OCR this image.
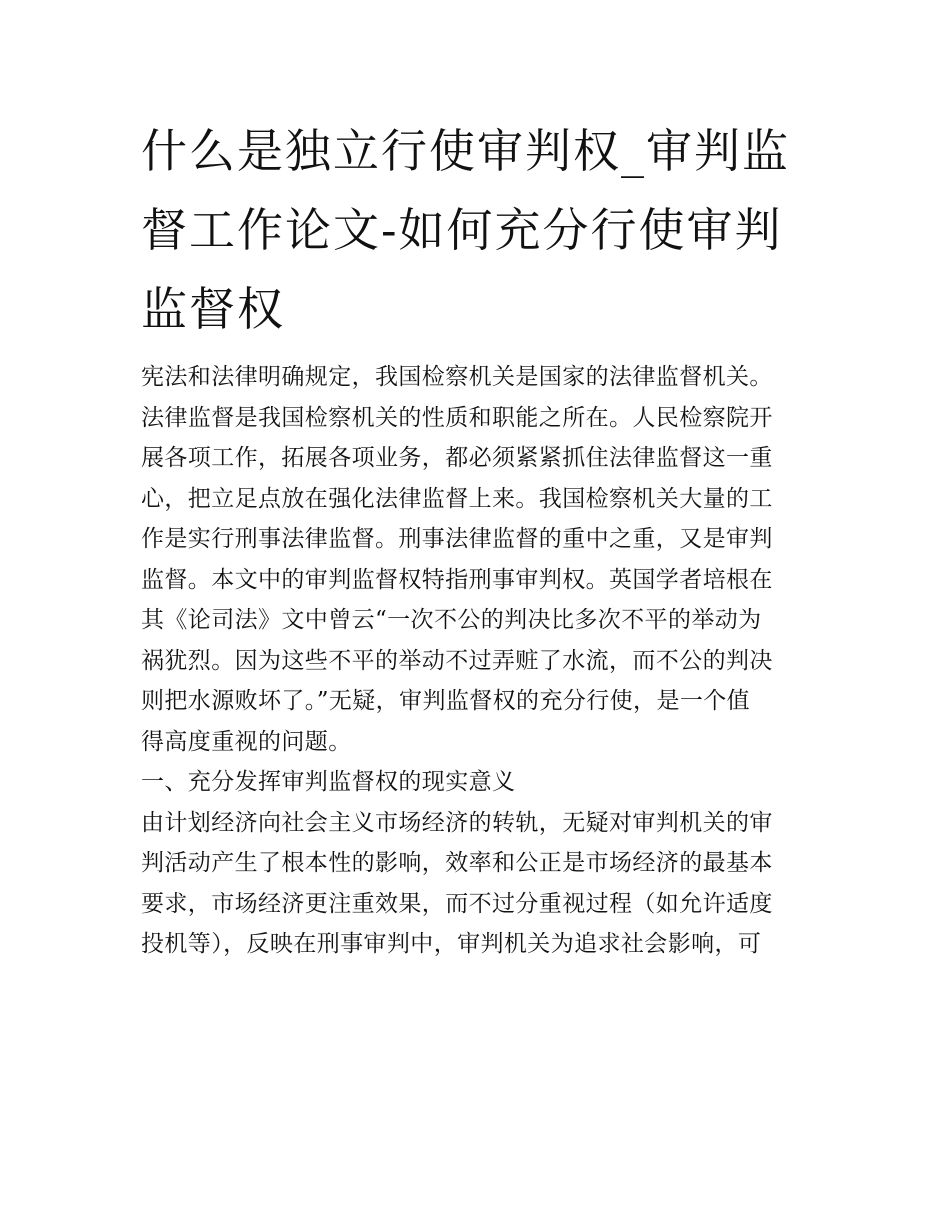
什么是独立行使审判权_审判监
督工作论文-如何充分行使审判
监督权
宪法和法律明确规定，我国检察机关是国家的法律监督机关。
法律监督是我国检察机关的性质和职能之所在。人民检察院开
展各项工作，拓展各项业务，都必须紧紧抓住法律监督这一重
心，把立足点放在强化法律监督上来。我国检察机关大量的工
作是实行刑事法律监督。刑事法律监督的重中之重，又是审判
监督。本文中的审判监督权特指刑事审判权。英国学者培根在
其《论司法》文中曾云“一次不公的判决比多次不平的举动为
祸犹烈。因为这些不平的举动不过弄赃了水流，而不公的判决
则把水源败坏了。”无疑，审判监督权的充分行使，是一个值
得高度重视的问题。
一、充分发挥审判监督权的现实意义
由计划经济向社会主义市场经济的转轨，无疑对审判机关的审
判活动产生了根本性的影响，效率和公正是市场经济的最基本
要求，市场经济更注重效果，而不过分重视过程（如允许适度
投机等），反映在刑事审判中，审判机关为追求社会影响，可
